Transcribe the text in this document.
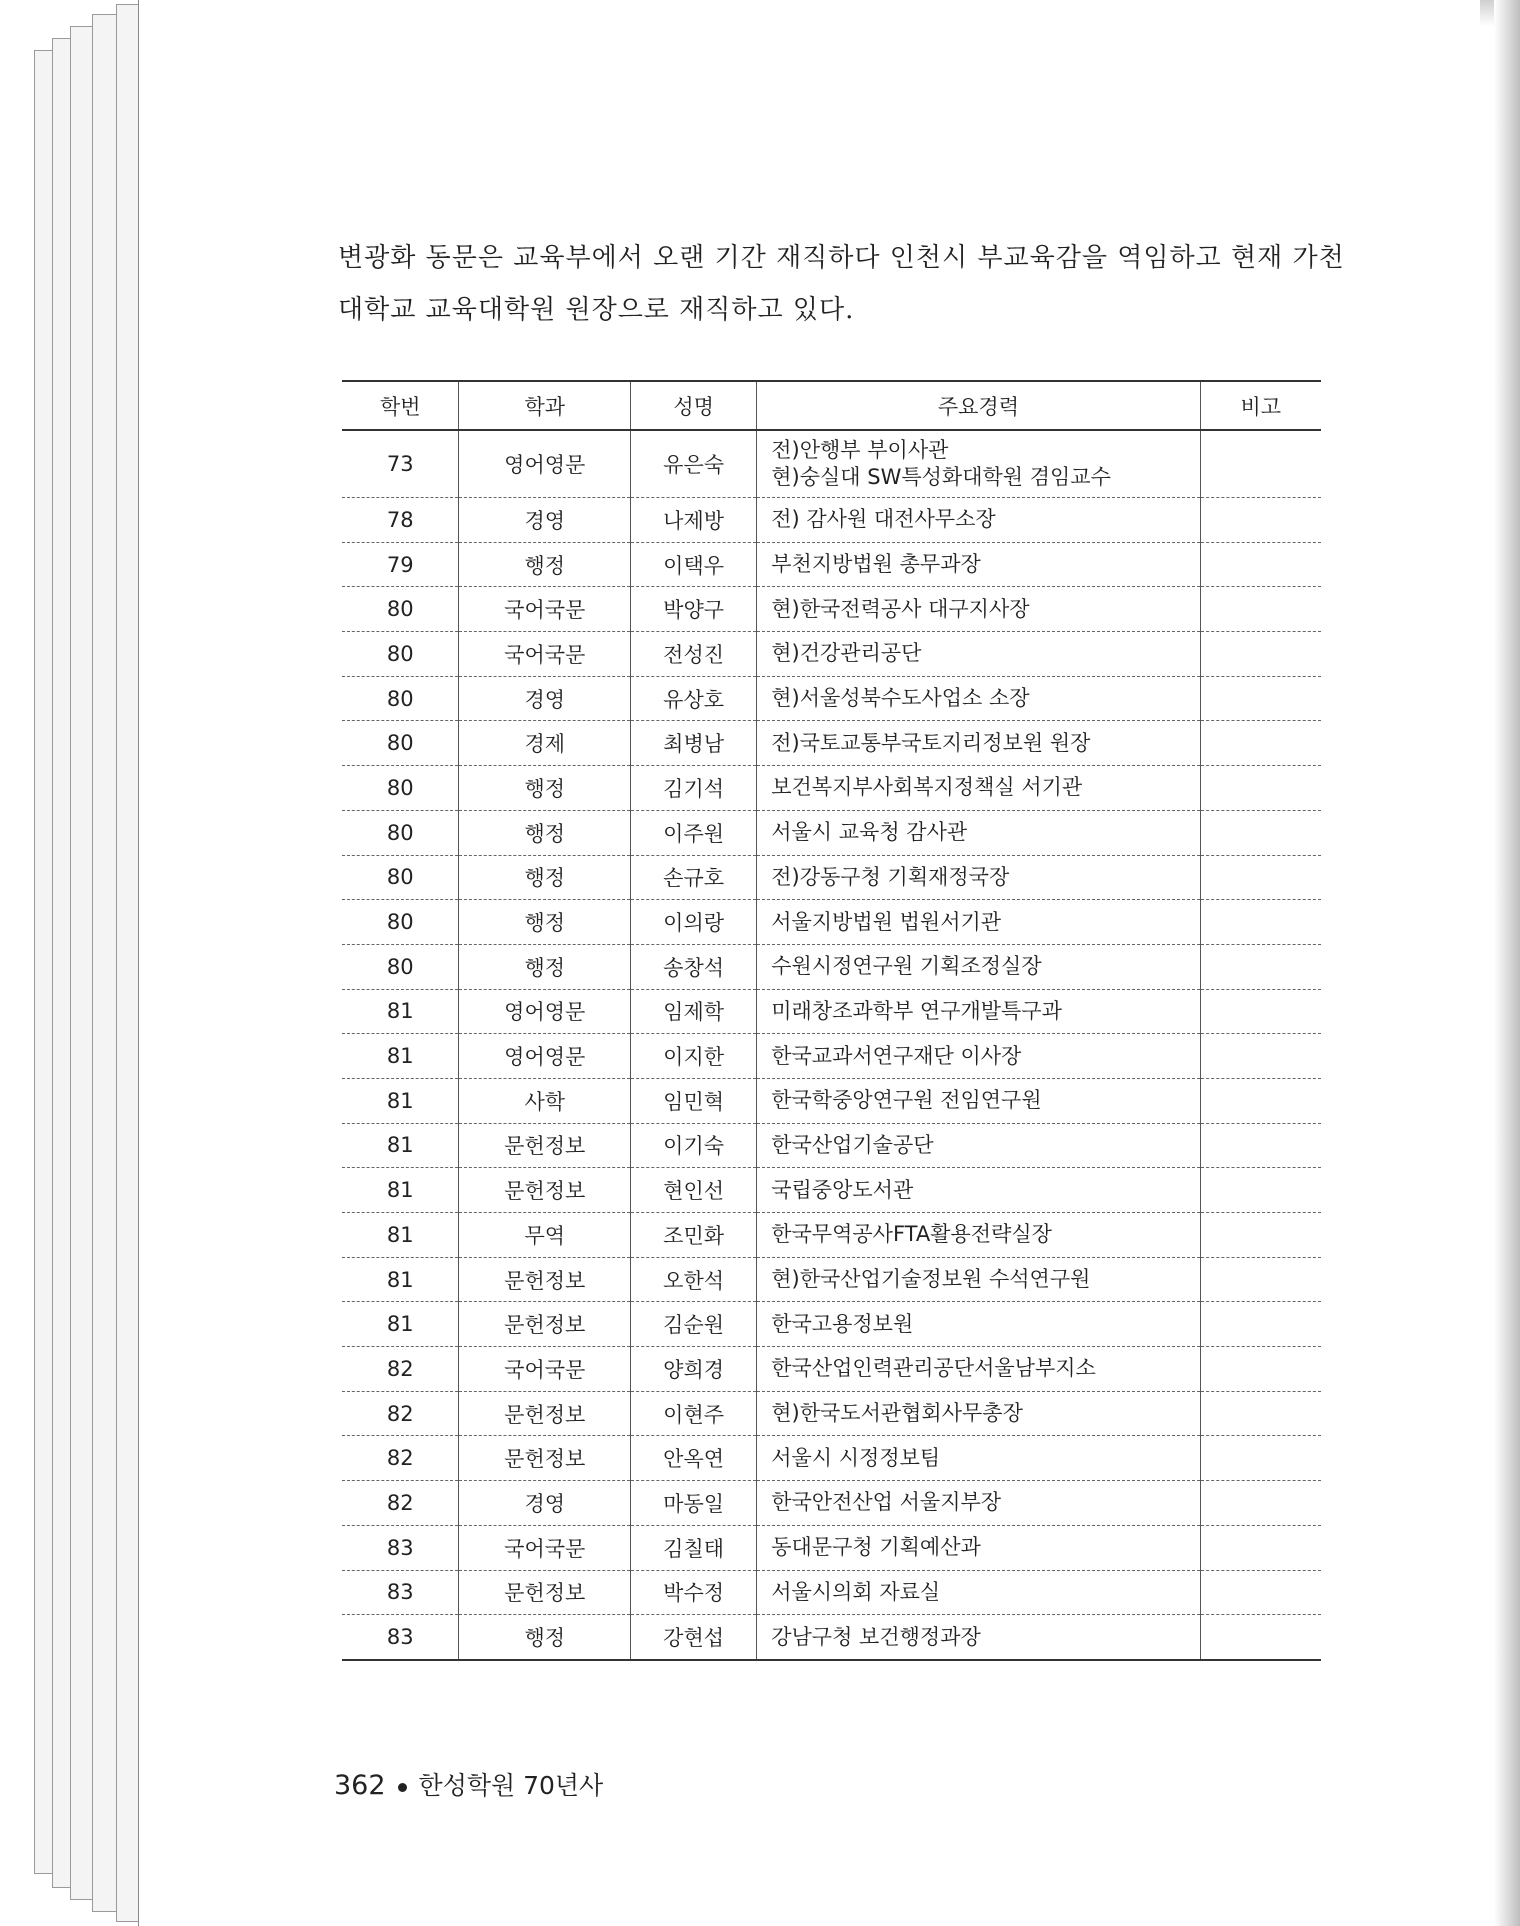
변광화 동문은 교육부에서 오랜 기간 재직하다 인천시 부교육감을 역임하고 현재 가천
대학교 교육대학원 원장으로 재직하고 있다.

학번	학과	성명	주요경력	비고
73	영어영문	유은숙	전)안행부 부이사관
현)숭실대 SW특성화대학원 겸임교수	

78	경영	나제방	전) 감사원 대전사무소장	

79	행정	이택우	부천지방법원 총무과장	

80	국어국문	박양구	현)한국전력공사 대구지사장	

80	국어국문	전성진	현)건강관리공단	

80	경영	유상호	현)서울성북수도사업소 소장	

80	경제	최병남	전)국토교통부국토지리정보원 원장	

80	행정	김기석	보건복지부사회복지정책실 서기관	

80	행정	이주원	서울시 교육청 감사관	

80	행정	손규호	전)강동구청 기획재정국장	

80	행정	이의랑	서울지방법원 법원서기관	

80	행정	송창석	수원시정연구원 기획조정실장	

81	영어영문	임제학	미래창조과학부 연구개발특구과	

81	영어영문	이지한	한국교과서연구재단 이사장	

81	사학	임민혁	한국학중앙연구원 전임연구원	

81	문헌정보	이기숙	한국산업기술공단	

81	문헌정보	현인선	국립중앙도서관	

81	무역	조민화	한국무역공사FTA활용전략실장	

81	문헌정보	오한석	현)한국산업기술정보원 수석연구원	

81	문헌정보	김순원	한국고용정보원	

82	국어국문	양희경	한국산업인력관리공단서울남부지소	

82	문헌정보	이현주	현)한국도서관협회사무총장	

82	문헌정보	안옥연	서울시 시정정보팀	

82	경영	마동일	한국안전산업 서울지부장	

83	국어국문	김칠태	동대문구청 기획예산과	

83	문헌정보	박수정	서울시의회 자료실	

83	행정	강현섭	강남구청 보건행정과장	

362 한성학원 70년사
